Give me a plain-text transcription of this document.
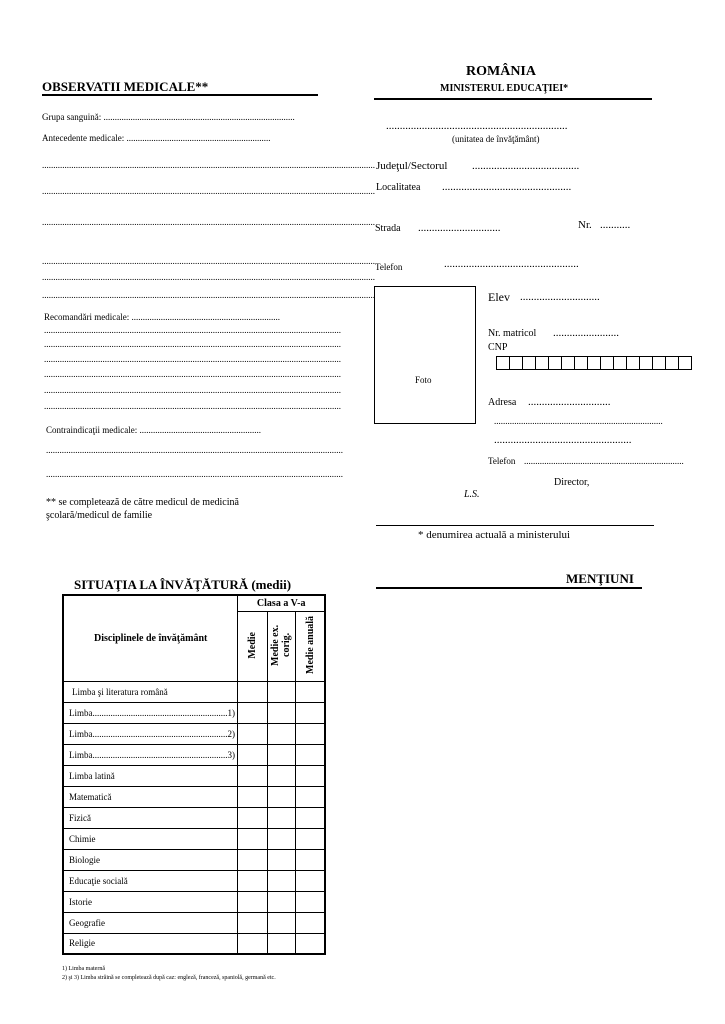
OBSERVATII MEDICALE**
Grupa sanguină: .....................................................................................
Antecedente medicale: ................................................................
....................................................................................................................................................
....................................................................................................................................................
....................................................................................................................................................
....................................................................................................................................................
....................................................................................................................................................
....................................................................................................................................................
Recomandări medicale: ..................................................................
....................................................................................................................................
....................................................................................................................................
....................................................................................................................................
....................................................................................................................................
....................................................................................................................................
....................................................................................................................................
Contraindicaţii medicale: ......................................................
....................................................................................................................................
....................................................................................................................................
** se completează de către medicul de medicină
şcolară/medicul de familie
ROMÂNIA
MINISTERUL EDUCAŢIEI*
..................................................................
(unitatea de învăţământ)
Judeţul/Sectorul .......................................
Localitatea ...............................................
Strada ..............................	Nr. ...........
Telefon	.................................................
Foto
Elev .............................
Nr. matricol ........................
CNP
Adresa ..............................
...........................................................................
..................................................
Telefon .......................................................................
Director,
L.S.
* denumirea actuală a ministerului
SITUAŢIA LA ÎNVĂŢĂTURĂ (medii)
Disciplinele de învăţământ	Clasa a V-a		
	Medie	Medie ex. corig.	Medie anuală
Limba şi literatura română			
Limba............................................................1)			
Limba............................................................2)			
Limba............................................................3)			
Limba latină			
Matematică			
Fizică			
Chimie			
Biologie			
Educaţie socială			
Istorie			
Geografie			
Religie			
1) Limba maternă
2) şi 3) Limba străină se completează după caz: engleză, franceză, spaniolă, germană etc.
MENŢIUNI
